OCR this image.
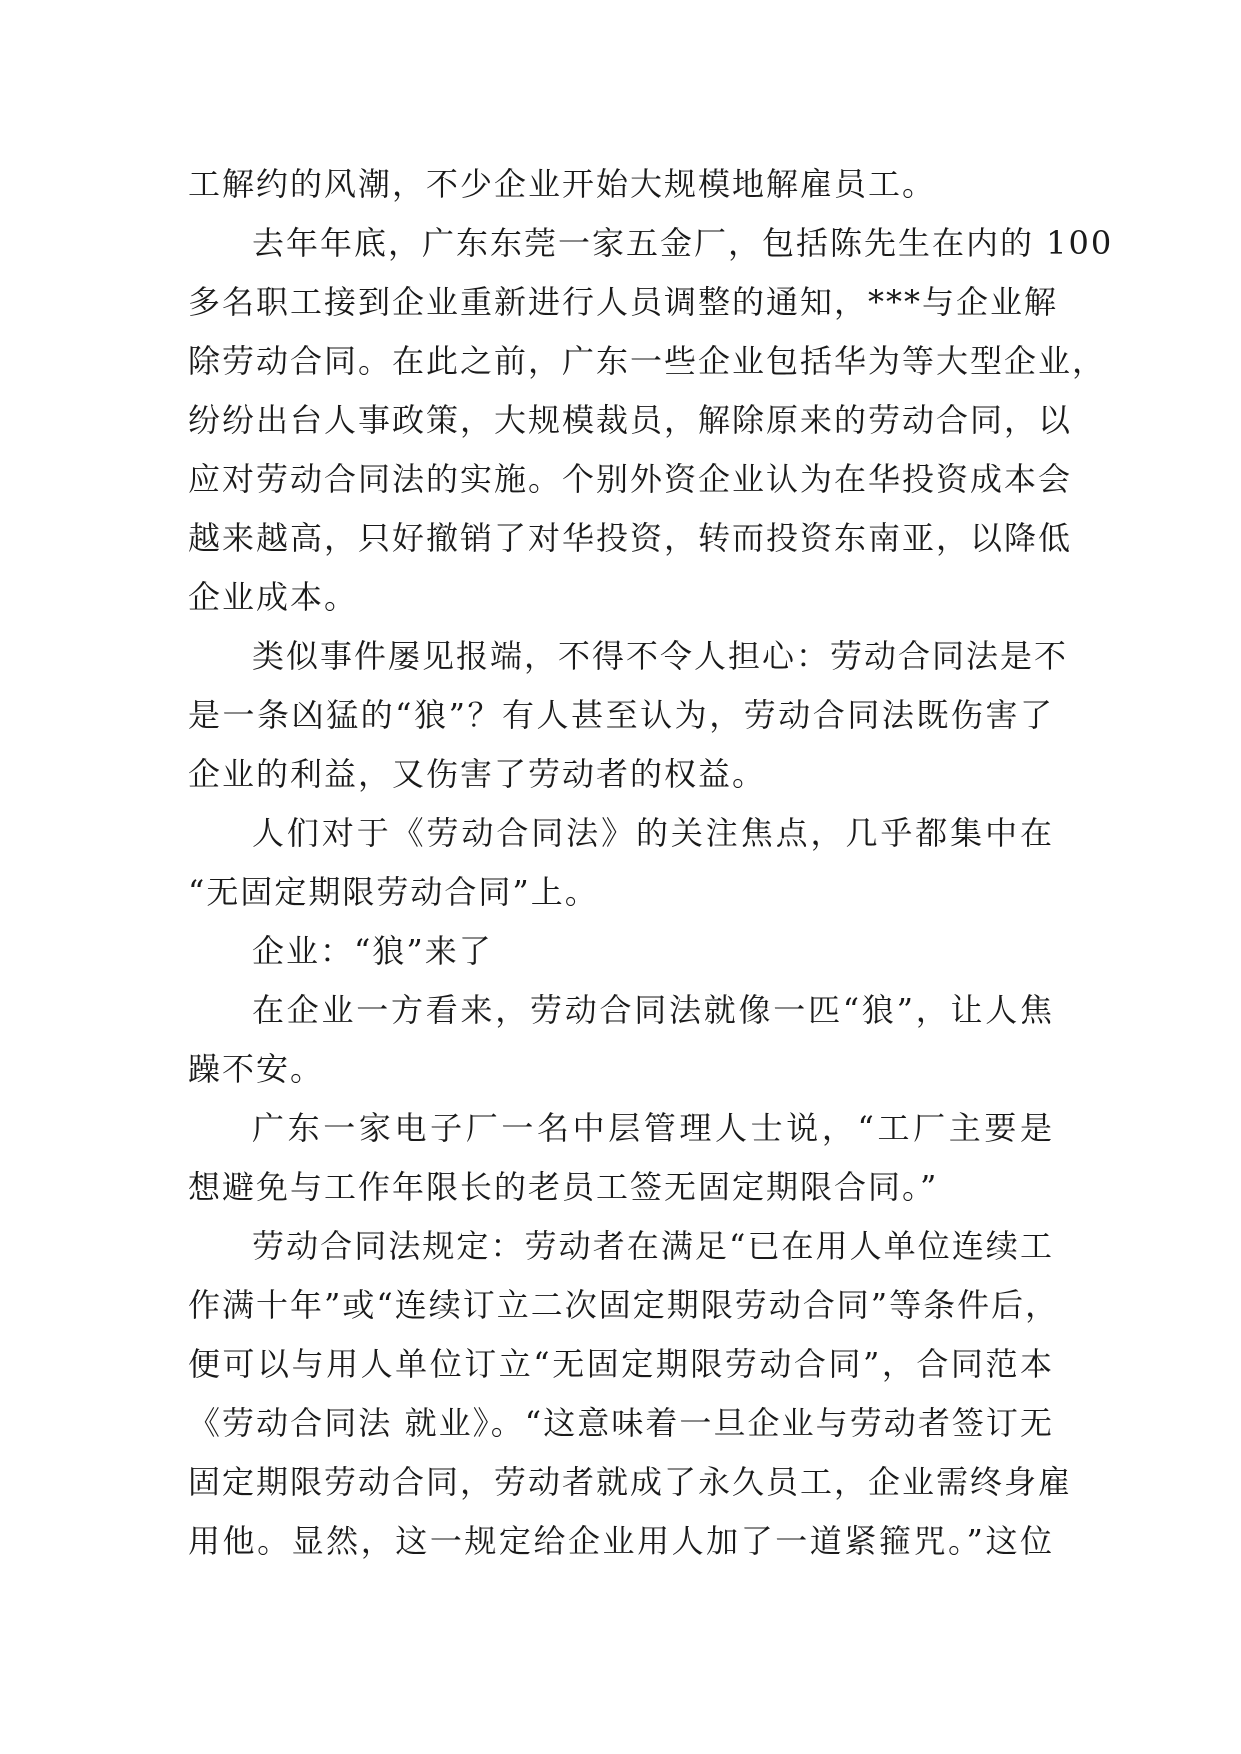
工解约的风潮，不少企业开始大规模地解雇员工。
去年年底，广东东莞一家五金厂，包括陈先生在内的 100
多名职工接到企业重新进行人员调整的通知，***与企业解
除劳动合同。在此之前，广东一些企业包括华为等大型企业，
纷纷出台人事政策，大规模裁员，解除原来的劳动合同，以
应对劳动合同法的实施。个别外资企业认为在华投资成本会
越来越高，只好撤销了对华投资，转而投资东南亚，以降低
企业成本。
类似事件屡见报端，不得不令人担心：劳动合同法是不
是一条凶猛的“狼”？有人甚至认为，劳动合同法既伤害了
企业的利益，又伤害了劳动者的权益。
人们对于《劳动合同法》的关注焦点，几乎都集中在
“无固定期限劳动合同”上。
企业：“狼”来了
在企业一方看来，劳动合同法就像一匹“狼”，让人焦
躁不安。
广东一家电子厂一名中层管理人士说，“工厂主要是
想避免与工作年限长的老员工签无固定期限合同。”
劳动合同法规定：劳动者在满足“已在用人单位连续工
作满十年”或“连续订立二次固定期限劳动合同”等条件后，
便可以与用人单位订立“无固定期限劳动合同”，合同范本
《劳动合同法 就业》。“这意味着一旦企业与劳动者签订无
固定期限劳动合同，劳动者就成了永久员工，企业需终身雇
用他。显然，这一规定给企业用人加了一道紧箍咒。”这位
